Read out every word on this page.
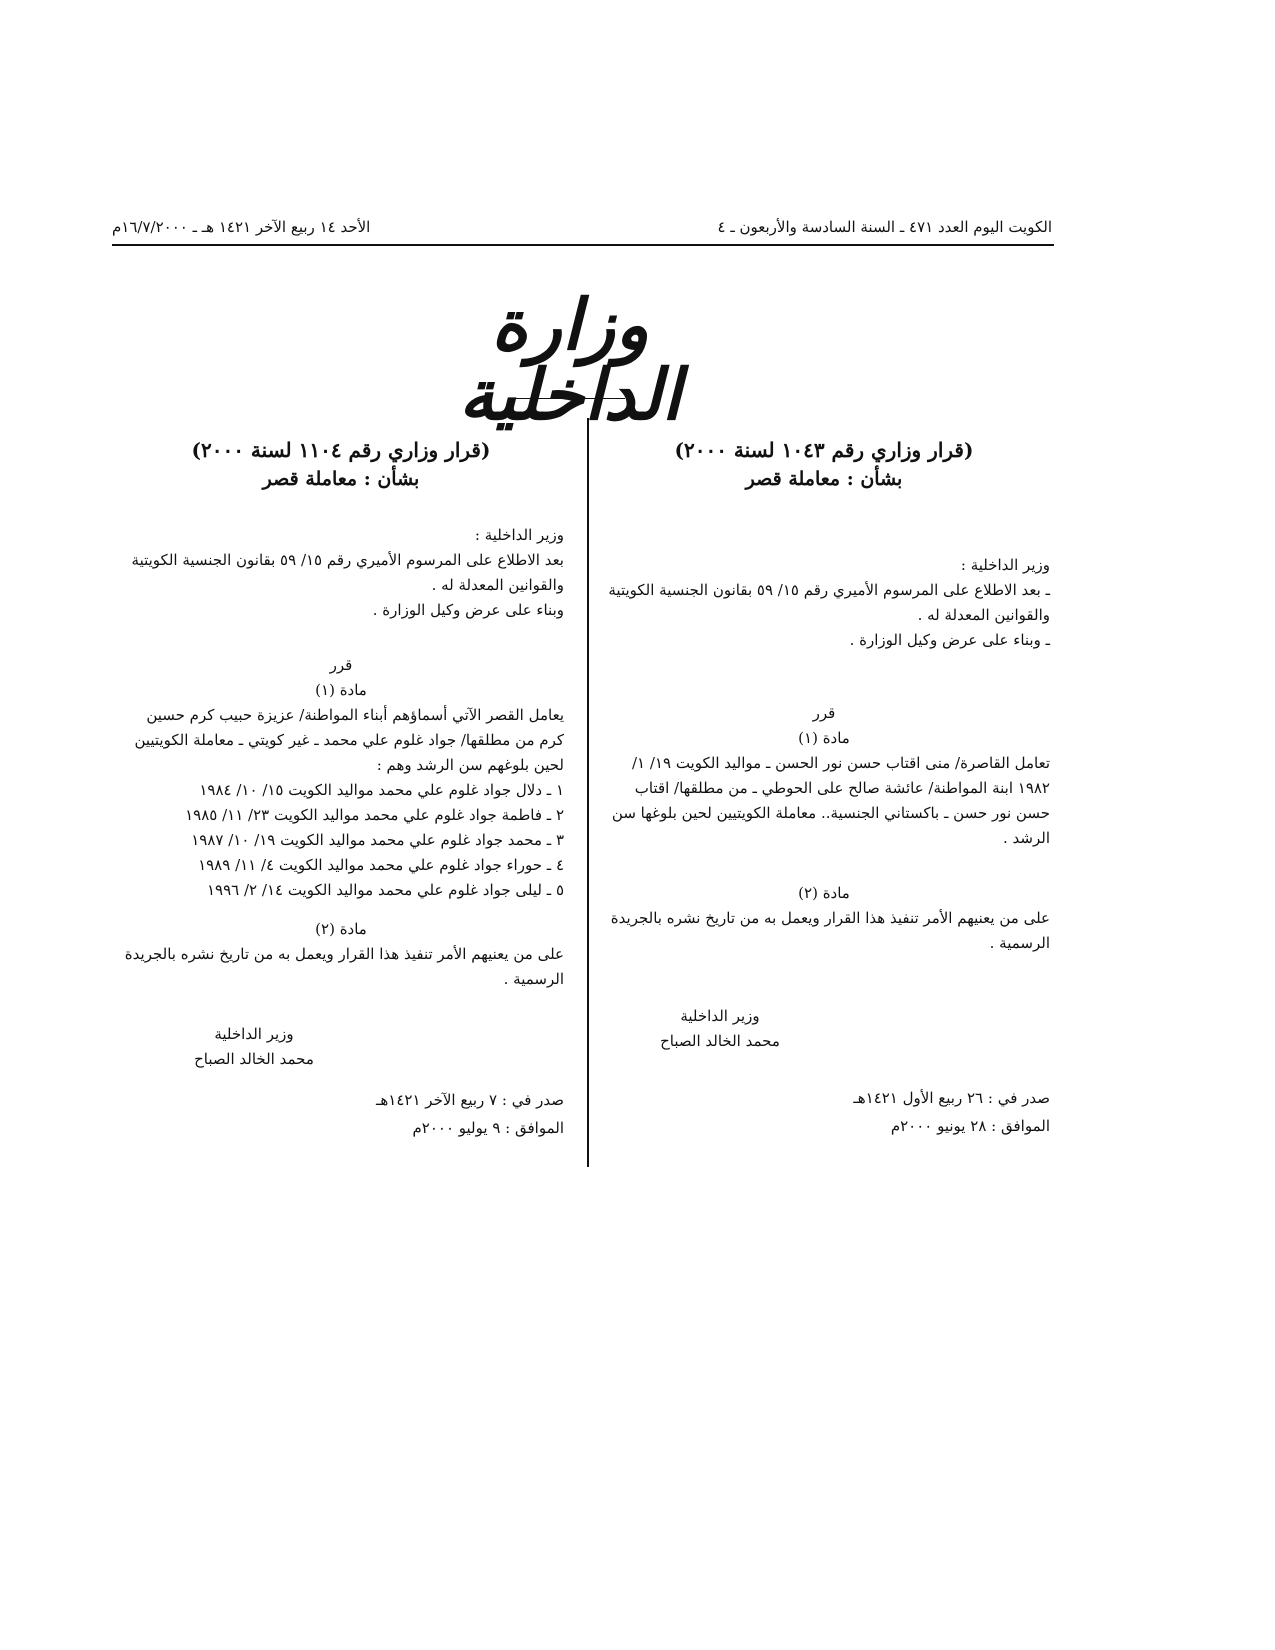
الكويت اليوم العدد ٤٧١ ـ السنة السادسة والأربعون ـ ٤
الأحد ١٤ ربيع الآخر ١٤٢١ هـ ـ ١٦/٧/٢٠٠٠م
وزارة الداخلية
(قرار وزاري رقم ١٠٤٣ لسنة ٢٠٠٠)
بشأن : معاملة قصر

وزير الداخلية :

ـ بعد الاطلاع على المرسوم الأميري رقم ١٥/ ٥٩ بقانون الجنسية الكويتية والقوانين المعدلة له .

ـ وبناء على عرض وكيل الوزارة .

قرر

مادة (١)

تعامل القاصرة/ منى اقتاب حسن نور الحسن ـ مواليد الكويت ١٩/ ١/ ١٩٨٢ ابنة المواطنة/ عائشة صالح على الحوطي ـ من مطلقها/ اقتاب حسن نور حسن ـ باكستاني الجنسية.. معاملة الكويتيين لحين بلوغها سن الرشد .

مادة (٢)

على من يعنيهم الأمر تنفيذ هذا القرار ويعمل به من تاريخ نشره بالجريدة الرسمية .

وزير الداخلية

محمد الخالد الصباح

صدر في : ٢٦ ربيع الأول ١٤٢١هـ

الموافق : ٢٨ يونيو ٢٠٠٠م

(قرار وزاري رقم ١١٠٤ لسنة ٢٠٠٠)
بشأن : معاملة قصر

وزير الداخلية :

بعد الاطلاع على المرسوم الأميري رقم ١٥/ ٥٩ بقانون الجنسية الكويتية والقوانين المعدلة له .

وبناء على عرض وكيل الوزارة .

قرر

مادة (١)

يعامل القصر الآتي أسماؤهم أبناء المواطنة/ عزيزة حبيب كرم حسين كرم من مطلقها/ جواد غلوم علي محمد ـ غير كويتي ـ معاملة الكويتيين لحين بلوغهم سن الرشد وهم :

١ ـ دلال جواد غلوم علي محمد مواليد الكويت ١٥/ ١٠/ ١٩٨٤

٢ ـ فاطمة جواد غلوم علي محمد مواليد الكويت ٢٣/ ١١/ ١٩٨٥

٣ ـ محمد جواد غلوم علي محمد مواليد الكويت ١٩/ ١٠/ ١٩٨٧

٤ ـ حوراء جواد غلوم علي محمد مواليد الكويت ٤/ ١١/ ١٩٨٩

٥ ـ ليلى جواد غلوم علي محمد مواليد الكويت ١٤/ ٢/ ١٩٩٦

مادة (٢)

على من يعنيهم الأمر تنفيذ هذا القرار ويعمل به من تاريخ نشره بالجريدة الرسمية .

وزير الداخلية

محمد الخالد الصباح

صدر في : ٧ ربيع الآخر ١٤٢١هـ

الموافق : ٩ يوليو ٢٠٠٠م
